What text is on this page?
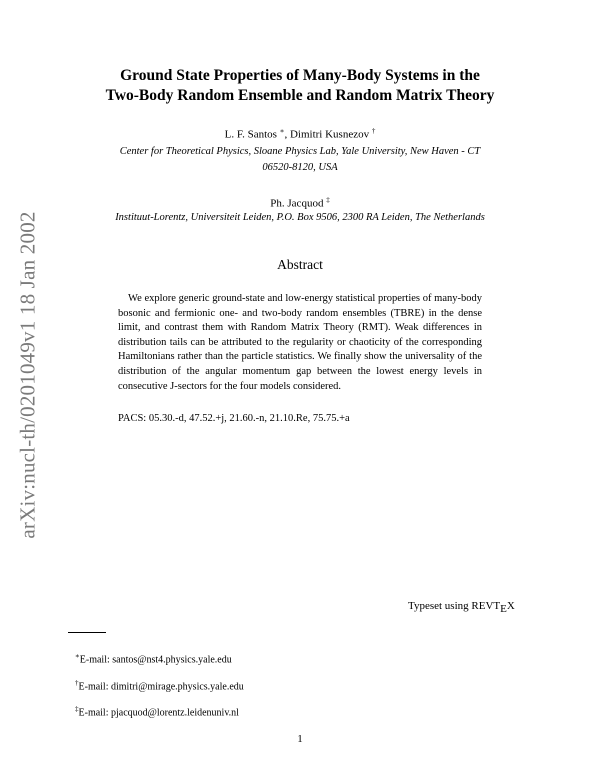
arXiv:nucl-th/0201049v1 18 Jan 2002
Ground State Properties of Many-Body Systems in the
Two-Body Random Ensemble and Random Matrix Theory
L. F. Santos ∗, Dimitri Kusnezov †
Center for Theoretical Physics, Sloane Physics Lab, Yale University, New Haven - CT
06520-8120, USA
Ph. Jacquod ‡
Instituut-Lorentz, Universiteit Leiden, P.O. Box 9506, 2300 RA Leiden, The Netherlands
Abstract
We explore generic ground-state and low-energy statistical properties of many-body bosonic and fermionic one- and two-body random ensembles (TBRE) in the dense limit, and contrast them with Random Matrix Theory (RMT). Weak differences in distribution tails can be attributed to the regularity or chaoticity of the corresponding Hamiltonians rather than the particle statistics. We finally show the universality of the distribution of the angular momentum gap between the lowest energy levels in consecutive J-sectors for the four models considered.
PACS: 05.30.-d, 47.52.+j, 21.60.-n, 21.10.Re, 75.75.+a
Typeset using REVTEX
∗E-mail: santos@nst4.physics.yale.edu
†E-mail: dimitri@mirage.physics.yale.edu
‡E-mail: pjacquod@lorentz.leidenuniv.nl
1
